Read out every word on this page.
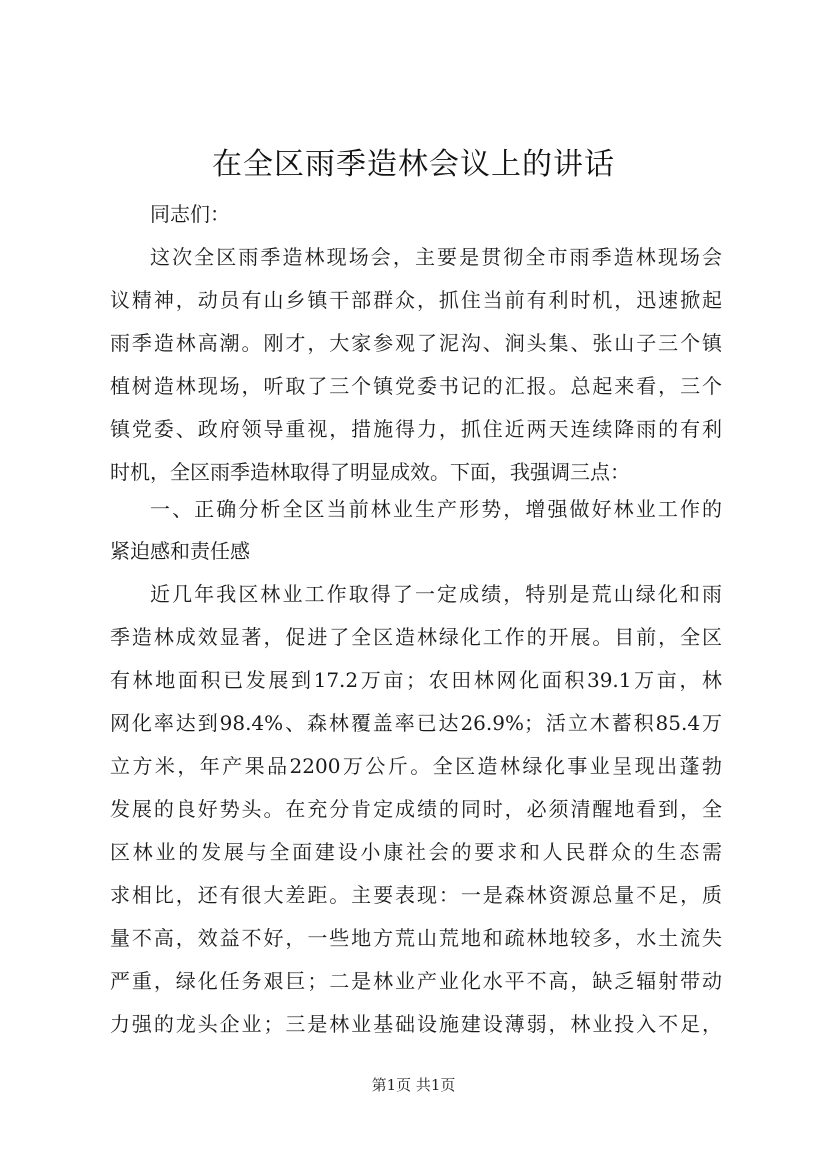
在全区雨季造林会议上的讲话
同志们：
这次全区雨季造林现场会，主要是贯彻全市雨季造林现场会
议精神，动员有山乡镇干部群众，抓住当前有利时机，迅速掀起
雨季造林高潮。刚才，大家参观了泥沟、涧头集、张山子三个镇
植树造林现场，听取了三个镇党委书记的汇报。总起来看，三个
镇党委、政府领导重视，措施得力，抓住近两天连续降雨的有利
时机，全区雨季造林取得了明显成效。下面，我强调三点：
一、正确分析全区当前林业生产形势，增强做好林业工作的
紧迫感和责任感
近几年我区林业工作取得了一定成绩，特别是荒山绿化和雨
季造林成效显著，促进了全区造林绿化工作的开展。目前，全区
有林地面积已发展到17.2万亩；农田林网化面积39.1万亩，林
网化率达到98.4%、森林覆盖率已达26.9%；活立木蓄积85.4万
立方米，年产果品2200万公斤。全区造林绿化事业呈现出蓬勃
发展的良好势头。在充分肯定成绩的同时，必须清醒地看到，全
区林业的发展与全面建设小康社会的要求和人民群众的生态需
求相比，还有很大差距。主要表现：一是森林资源总量不足，质
量不高，效益不好，一些地方荒山荒地和疏林地较多，水土流失
严重，绿化任务艰巨；二是林业产业化水平不高，缺乏辐射带动
力强的龙头企业；三是林业基础设施建设薄弱，林业投入不足，
第1页 共1页
